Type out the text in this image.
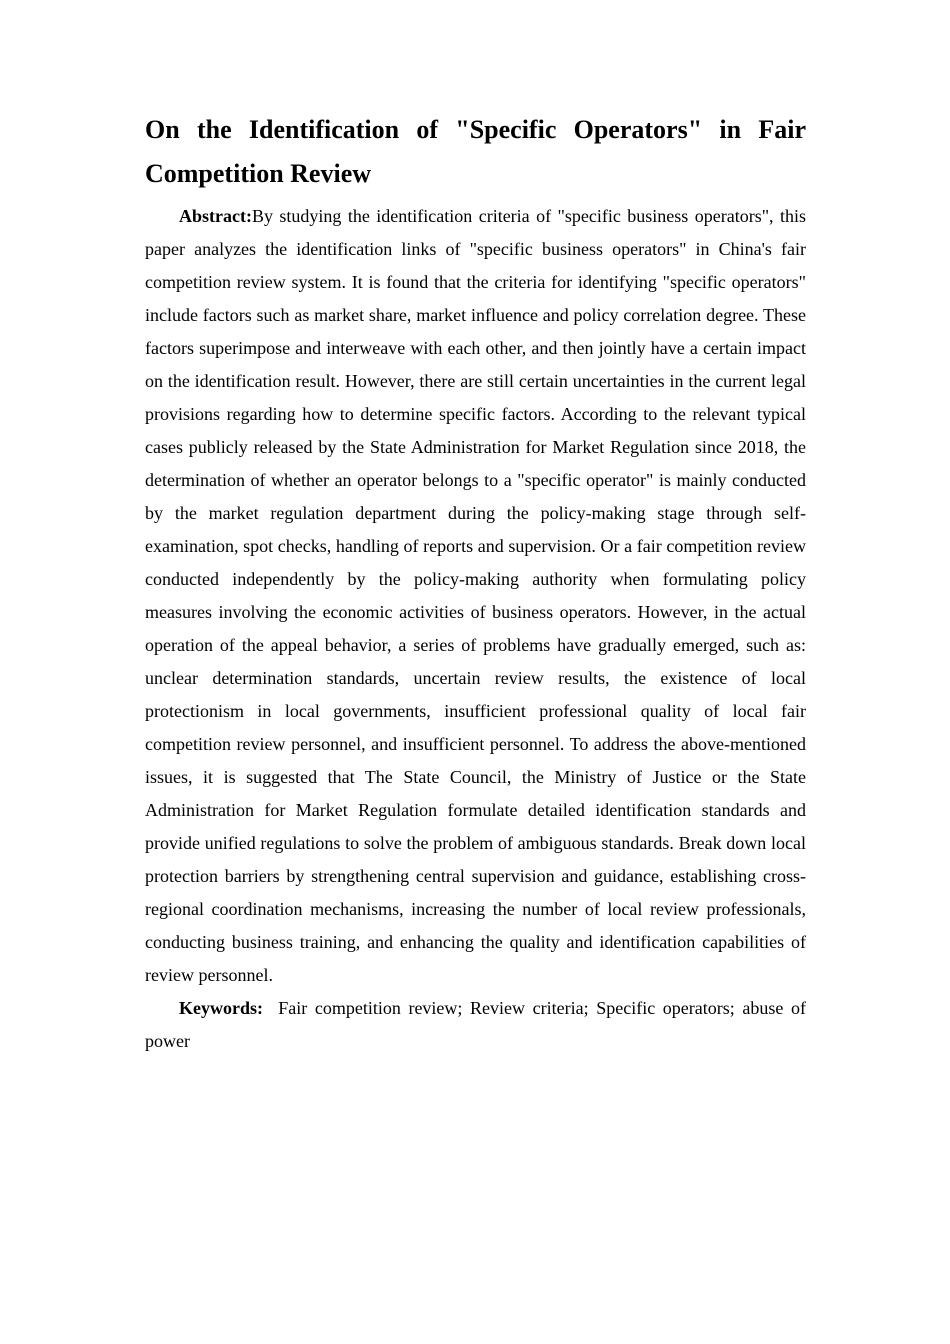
On the Identification of "Specific Operators" in Fair Competition Review

Abstract:By studying the identification criteria of "specific business operators", this paper analyzes the identification links of "specific business operators" in China's fair competition review system. It is found that the criteria for identifying "specific operators" include factors such as market share, market influence and policy correlation degree. These factors superimpose and interweave with each other, and then jointly have a certain impact on the identification result. However, there are still certain uncertainties in the current legal provisions regarding how to determine specific factors. According to the relevant typical cases publicly released by the State Administration for Market Regulation since 2018, the determination of whether an operator belongs to a "specific operator" is mainly conducted by the market regulation department during the policy-making stage through self-examination, spot checks, handling of reports and supervision. Or a fair competition review conducted independently by the policy-making authority when formulating policy measures involving the economic activities of business operators. However, in the actual operation of the appeal behavior, a series of problems have gradually emerged, such as: unclear determination standards, uncertain review results, the existence of local protectionism in local governments, insufficient professional quality of local fair competition review personnel, and insufficient personnel. To address the above-mentioned issues, it is suggested that The State Council, the Ministry of Justice or the State Administration for Market Regulation formulate detailed identification standards and provide unified regulations to solve the problem of ambiguous standards. Break down local protection barriers by strengthening central supervision and guidance, establishing cross-regional coordination mechanisms, increasing the number of local review professionals, conducting business training, and enhancing the quality and identification capabilities of review personnel.

Keywords: Fair competition review; Review criteria; Specific operators; abuse of power
